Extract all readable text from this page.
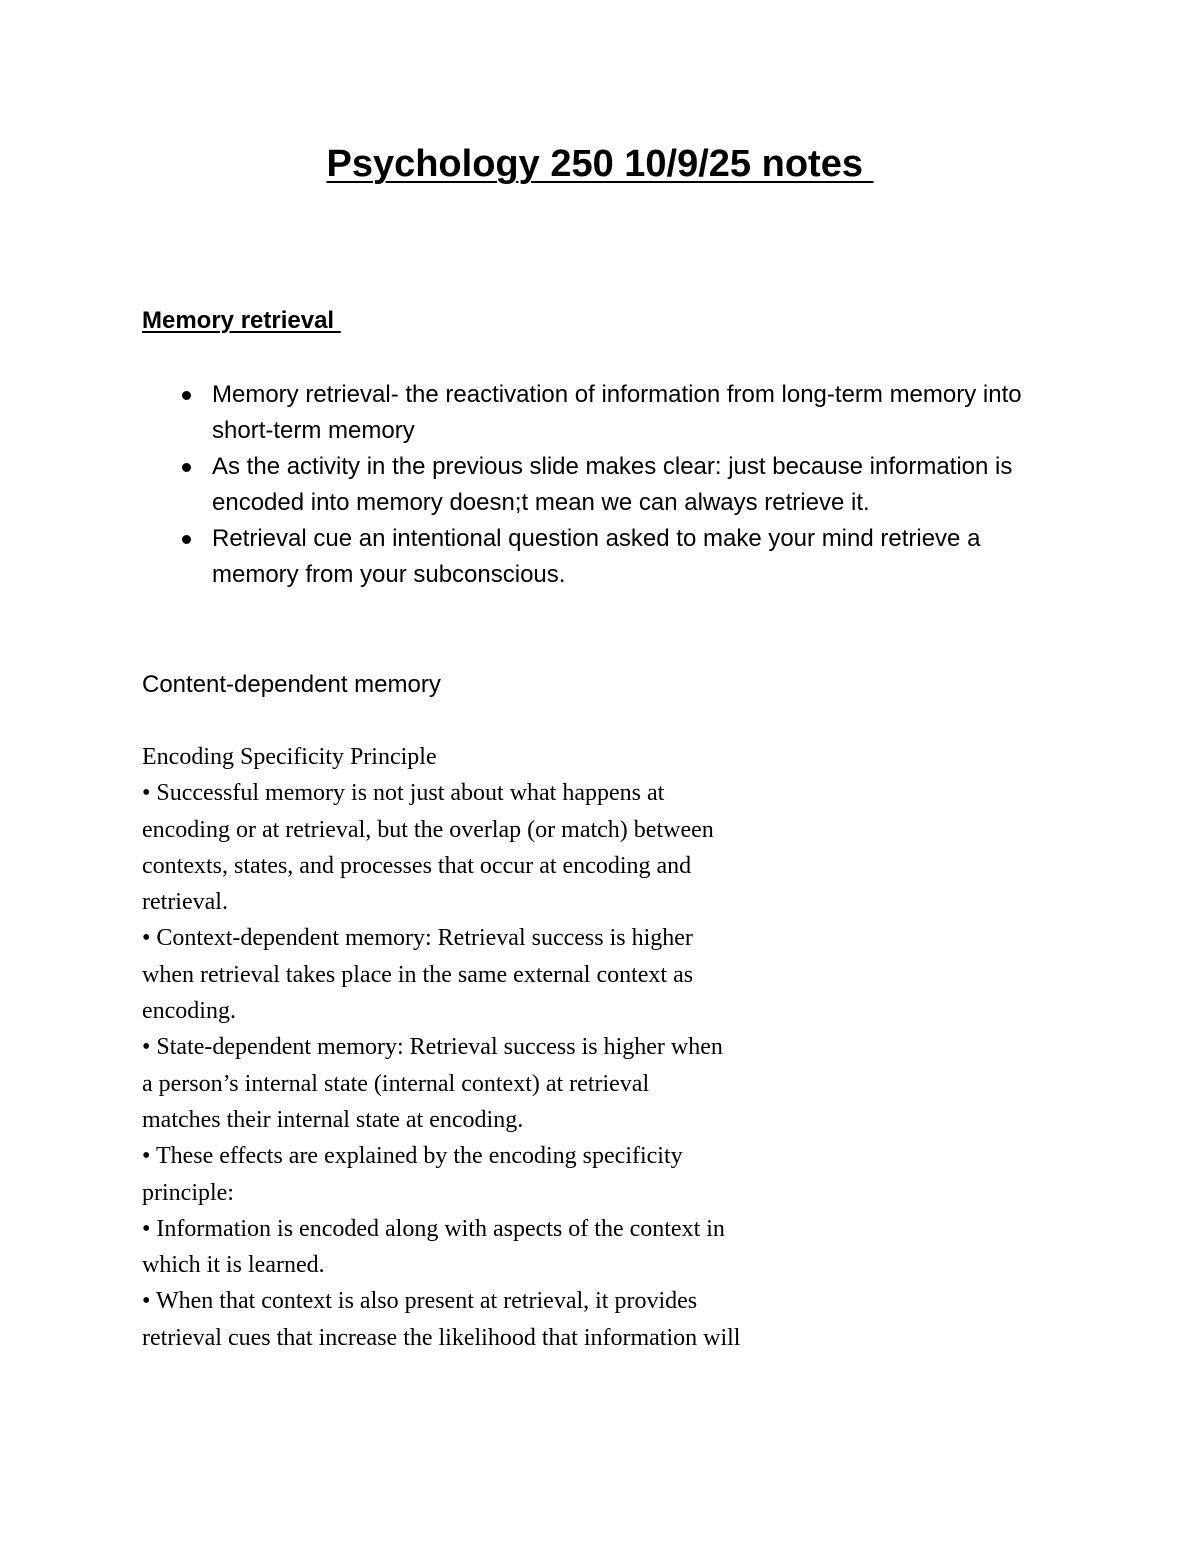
Psychology 250 10/9/25 notes
Memory retrieval
Memory retrieval- the reactivation of information from long-term memory into short-term memory
As the activity in the previous slide makes clear: just because information is encoded into memory doesn;t mean we can always retrieve it.
Retrieval cue an intentional question asked to make your mind retrieve a memory from your subconscious.
Content-dependent memory
Encoding Specificity Principle
• Successful memory is not just about what happens at
encoding or at retrieval, but the overlap (or match) between
contexts, states, and processes that occur at encoding and
retrieval.
• Context-dependent memory: Retrieval success is higher
when retrieval takes place in the same external context as
encoding.
• State-dependent memory: Retrieval success is higher when
a person’s internal state (internal context) at retrieval
matches their internal state at encoding.
• These effects are explained by the encoding specificity
principle:
• Information is encoded along with aspects of the context in
which it is learned.
• When that context is also present at retrieval, it provides
retrieval cues that increase the likelihood that information will
